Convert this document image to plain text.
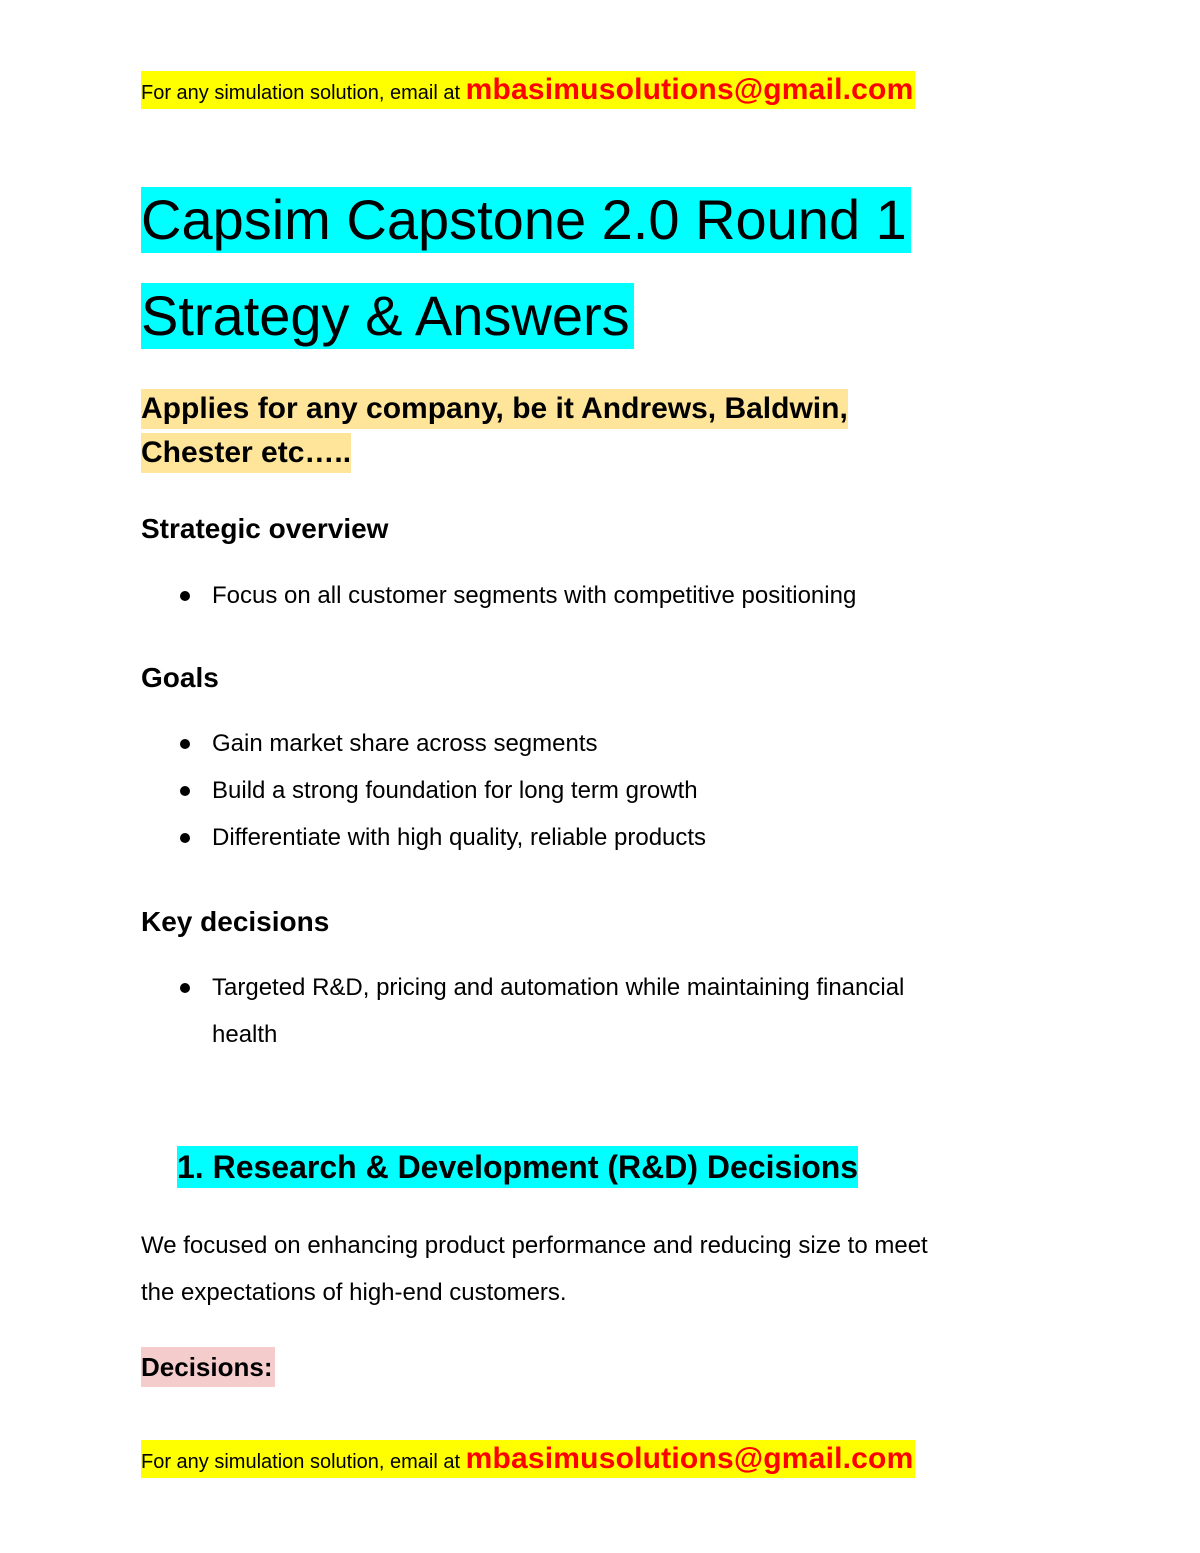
For any simulation solution, email at mbasimusolutions@gmail.com
Capsim Capstone 2.0 Round 1
Strategy & Answers
Applies for any company, be it Andrews, Baldwin,
Chester etc…..
Strategic overview
Focus on all customer segments with competitive positioning
Goals
Gain market share across segments
Build a strong foundation for long term growth
Differentiate with high quality, reliable products
Key decisions
Targeted R&D, pricing and automation while maintaining financial
health
1. Research & Development (R&D) Decisions
We focused on enhancing product performance and reducing size to meet
the expectations of high-end customers.
Decisions:
For any simulation solution, email at mbasimusolutions@gmail.com
